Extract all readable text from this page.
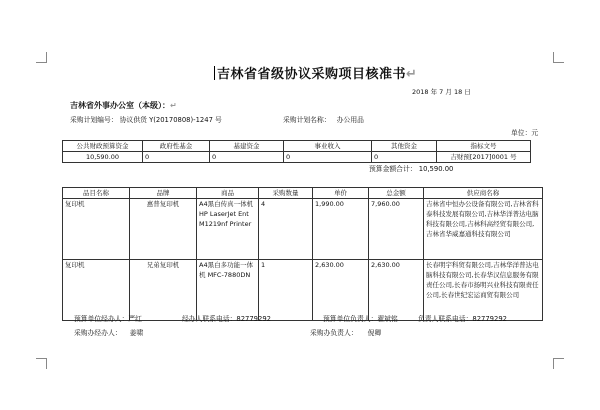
吉林省省级协议采购项目核准书↵
2018 年 7 月 18 日
吉林省外事办公室（本级）：↵
采购计划编号： 协议供货 Y(20170808)-1247 号	采购计划名称： 办公用品
单位：元
公共财政预算资金	政府性基金	基建资金	事业收入	其他资金	指标文号
10,590.00	0	0	0	0	吉财预[2017]0001 号
预算金额合计： 10,590.00
品目名称	品牌	商品	采购数量	单价	总金额	供应商名称
复印机	惠普复印机	A4黑白传真一体机 HP LaserJet Ent M1219nf Printer	4	1,990.00	7,960.00	吉林省中恒办公设备有限公司,吉林省科泰科技发展有限公司,吉林华洋普达电脑科技有限公司,吉林科高经贸有限公司,吉林省华威嘉通科技有限公司
复印机	兄弟复印机	A4黑白多功能一体机 MFC-7880DN	1	2,630.00	2,630.00	长春明宇科贸有限公司,吉林华洋普达电脑科技有限公司,长春华汉信息服务有限责任公司,长春市扬明兴业科技有限责任公司,长春世纪宏运商贸有限公司
预算单位经办人：严红	经办人联系电话：82779292	预算单位负责人：翟斌铭	负责人联系电话：82779292
采购办经办人： 姜啸	采购办负责人： 倪卿
